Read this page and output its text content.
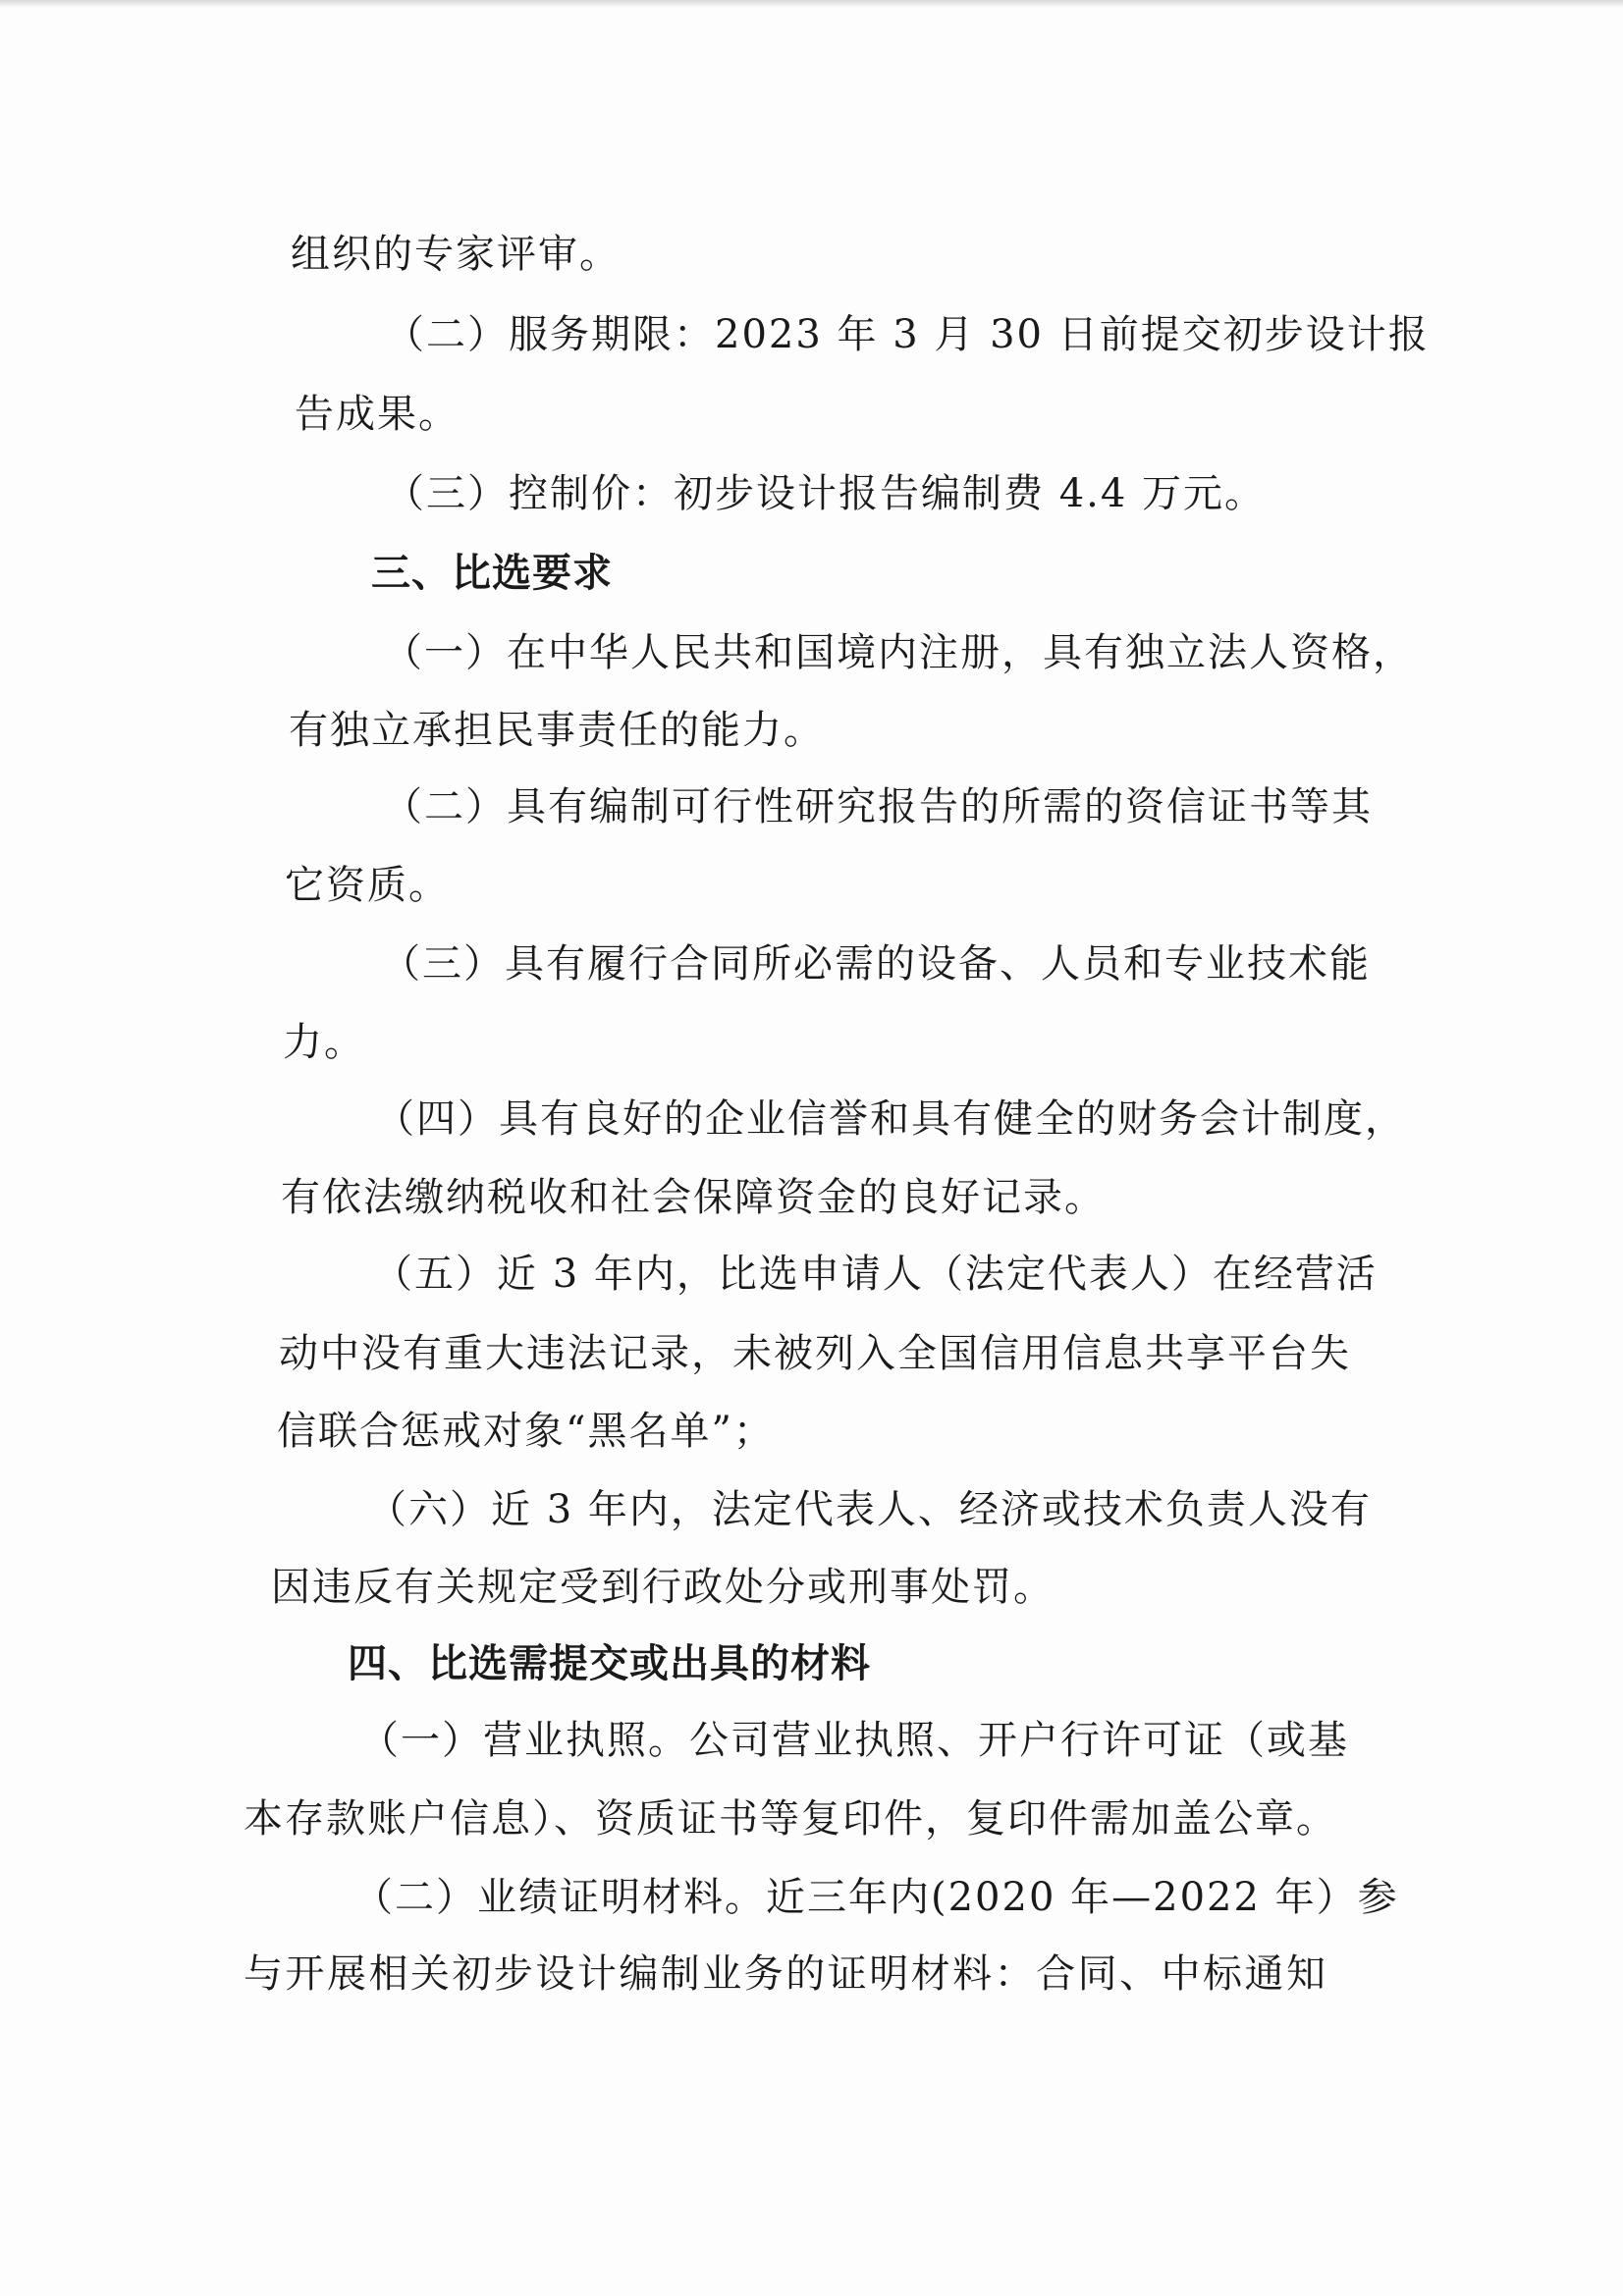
组织的专家评审。
（二）服务期限：2023 年 3 月 30 日前提交初步设计报
告成果。
（三）控制价：初步设计报告编制费 4.4 万元。
三、比选要求
（一）在中华人民共和国境内注册，具有独立法人资格，
有独立承担民事责任的能力。
（二）具有编制可行性研究报告的所需的资信证书等其
它资质。
（三）具有履行合同所必需的设备、人员和专业技术能
力。
（四）具有良好的企业信誉和具有健全的财务会计制度，
有依法缴纳税收和社会保障资金的良好记录。
（五）近 3 年内，比选申请人（法定代表人）在经营活
动中没有重大违法记录，未被列入全国信用信息共享平台失
信联合惩戒对象“黑名单”；
（六）近 3 年内，法定代表人、经济或技术负责人没有
因违反有关规定受到行政处分或刑事处罚。
四、比选需提交或出具的材料
（一）营业执照。公司营业执照、开户行许可证（或基
本存款账户信息）、资质证书等复印件，复印件需加盖公章。
（二）业绩证明材料。近三年内(2020 年—2022 年）参
与开展相关初步设计编制业务的证明材料：合同、中标通知
